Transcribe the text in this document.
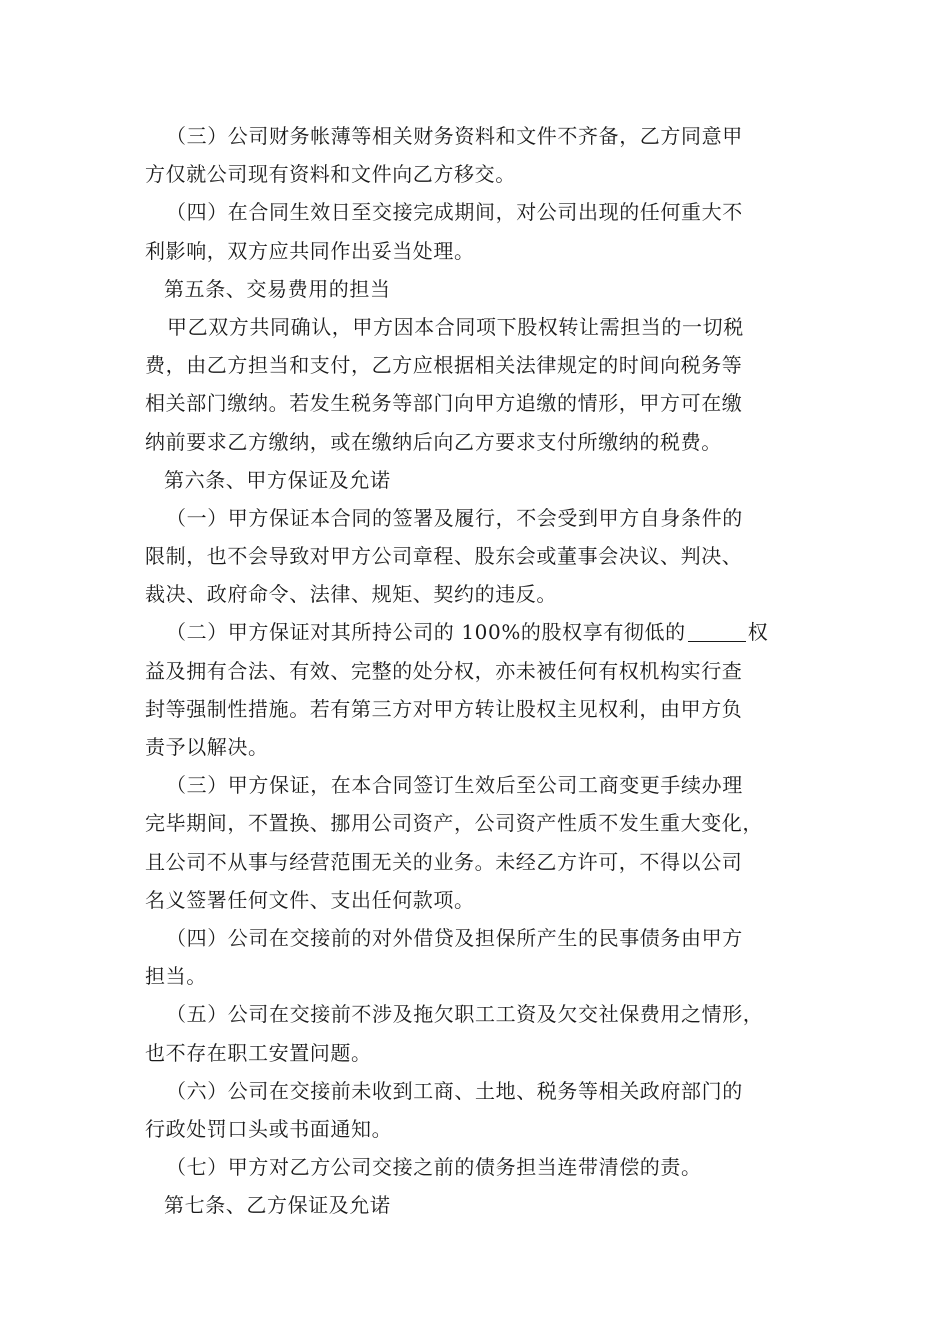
（三）公司财务帐薄等相关财务资料和文件不齐备，乙方同意甲
方仅就公司现有资料和文件向乙方移交。
（四）在合同生效日至交接完成期间，对公司出现的任何重大不
利影响，双方应共同作出妥当处理。
第五条、交易费用的担当
甲乙双方共同确认，甲方因本合同项下股权转让需担当的一切税
费，由乙方担当和支付，乙方应根据相关法律规定的时间向税务等
相关部门缴纳。若发生税务等部门向甲方追缴的情形，甲方可在缴
纳前要求乙方缴纳，或在缴纳后向乙方要求支付所缴纳的税费。
第六条、甲方保证及允诺
（一）甲方保证本合同的签署及履行，不会受到甲方自身条件的
限制，也不会导致对甲方公司章程、股东会或董事会决议、判决、
裁决、政府命令、法律、规矩、契约的违反。
（二）甲方保证对其所持公司的 100%的股权享有彻低的	权
益及拥有合法、有效、完整的处分权，亦未被任何有权机构实行查
封等强制性措施。若有第三方对甲方转让股权主见权利，由甲方负
责予以解决。
（三）甲方保证，在本合同签订生效后至公司工商变更手续办理
完毕期间，不置换、挪用公司资产，公司资产性质不发生重大变化，
且公司不从事与经营范围无关的业务。未经乙方许可，不得以公司
名义签署任何文件、支出任何款项。
（四）公司在交接前的对外借贷及担保所产生的民事债务由甲方
担当。
（五）公司在交接前不涉及拖欠职工工资及欠交社保费用之情形，
也不存在职工安置问题。
（六）公司在交接前未收到工商、土地、税务等相关政府部门的
行政处罚口头或书面通知。
（七）甲方对乙方公司交接之前的债务担当连带清偿的责。
第七条、乙方保证及允诺
